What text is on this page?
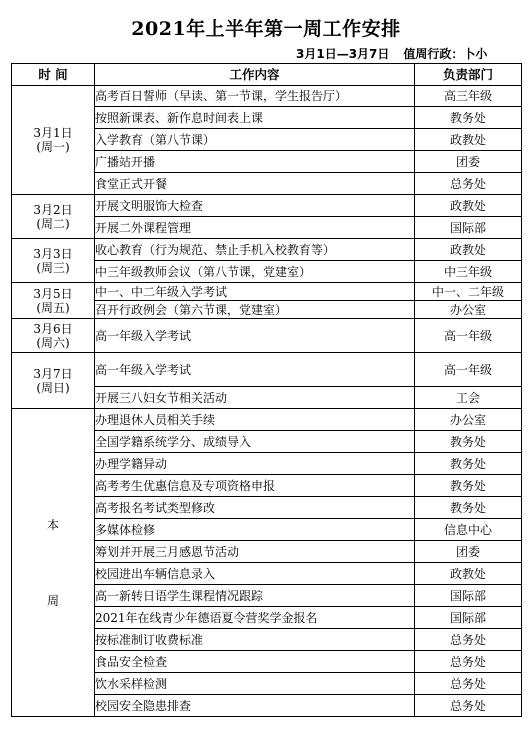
2021年上半年第一周工作安排
3月1日—3月7日 值周行政：卜小
时 间	工作内容	负责部门

3月1日
(周一)	高考百日誓师（早读、第一节课，学生报告厅）	高三年级
	按照新课表、新作息时间表上课	教务处
	入学教育（第八节课）	政教处
	广播站开播	团委
	食堂正式开餐	总务处

3月2日
(周二)	开展文明服饰大检查	政教处
	开展二外课程管理	国际部

3月3日
(周三)	收心教育（行为规范、禁止手机入校教育等）	政教处
	中三年级教师会议（第八节课，党建室）	中三年级

3月5日
(周五)	中一、中二年级入学考试	中一、二年级
	召开行政例会（第六节课，党建室）	办公室

3月6日
(周六)	高一年级入学考试	高一年级

3月7日
(周日)	高一年级入学考试	高一年级
	开展三八妇女节相关活动	工会

本
周	办理退休人员相关手续	办公室
	全国学籍系统学分、成绩导入	教务处
	办理学籍异动	教务处
	高考考生优惠信息及专项资格申报	教务处
	高考报名考试类型修改	教务处
	多媒体检修	信息中心
	筹划并开展三月感恩节活动	团委
	校园进出车辆信息录入	政教处
	高一新转日语学生课程情况跟踪	国际部
	2021年在线青少年德语夏令营奖学金报名	国际部
	按标准制订收费标准	总务处
	食品安全检查	总务处
	饮水采样检测	总务处
	校园安全隐患排查	总务处
